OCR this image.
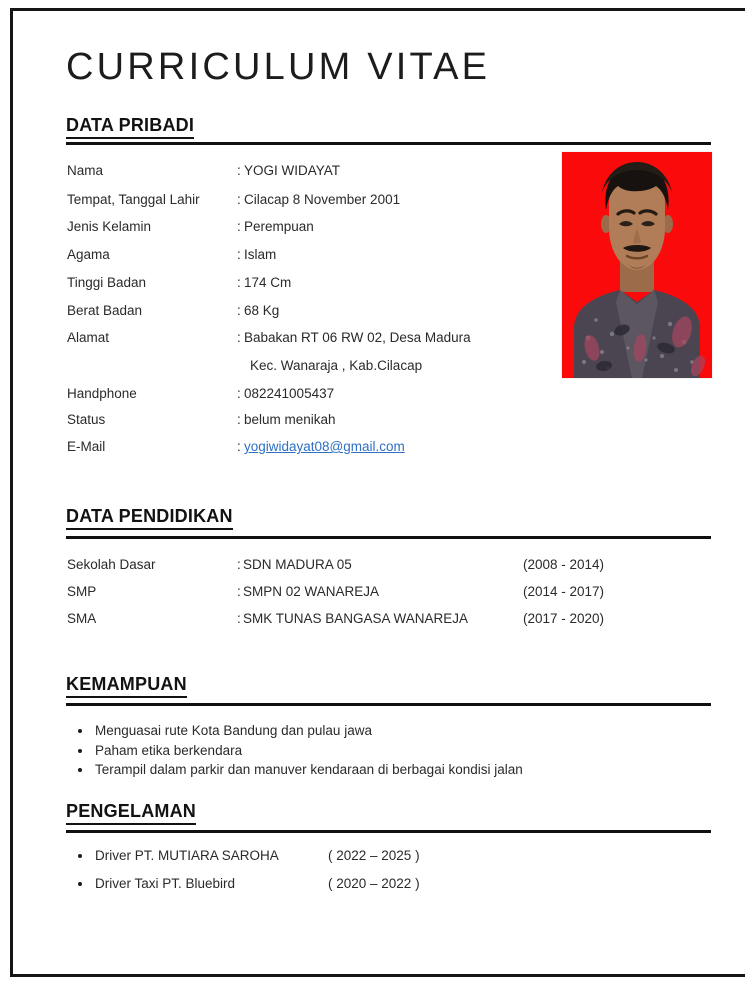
CURRICULUM VITAE
DATA PRIBADI
Nama	: YOGI WIDAYAT
Tempat, Tanggal Lahir	: Cilacap 8 November 2001
Jenis Kelamin	: Perempuan
Agama	: Islam
Tinggi Badan	: 174 Cm
Berat Badan	: 68 Kg
Alamat	: Babakan RT 06 RW 02, Desa Madura
Kec. Wanaraja , Kab.Cilacap
Handphone	: 082241005437
Status	: belum menikah
E-Mail	: yogiwidayat08@gmail.com
DATA PENDIDIKAN
Sekolah Dasar	: SDN MADURA 05	(2008 - 2014)
SMP	: SMPN 02 WANAREJA	(2014 - 2017)
SMA	: SMK TUNAS BANGASA WANAREJA	(2017 - 2020)
KEMAMPUAN
Menguasai rute Kota Bandung dan pulau jawa
Paham etika berkendara
Terampil dalam parkir dan manuver kendaraan di berbagai kondisi jalan
PENGELAMAN
Driver PT. MUTIARA SAROHA	( 2022 – 2025 )
Driver Taxi PT. Bluebird	( 2020 – 2022 )
